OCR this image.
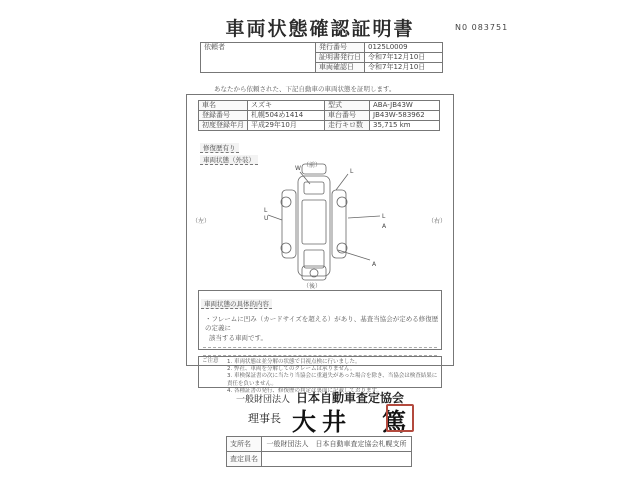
車両状態確認証明書	N0 083751
依頼者	発行番号	0125L0009
	証明書発行日	令和7年12月10日
	車両確認日	令和7年12月10日
あなたから依頼された、下記自動車の車両状態を証明します。
車名	スズキ	型式	ABA-JB43W
登録番号	札幌504め1414	車台番号	JB43W-583962
初度登録年月	平成29年10月	走行キロ数	35,715 km
修復歴有り
車両状態（外装）
（前）
（後）
（左）	（右）
W	L
L
U	L
A
A
車両状態の具体的内容
・フレームに凹み（カードサイズを超える）があり、基査当協会が定める修復歴の定義に
該当する車両です。
ご注意 1. 車両状態は並分解の状態で目視点検に行いました。
2. 弊社、車両を分解してのクレームは承りません。
3. 車検保証書の次に当たり当協会に重過失があった場合を除き、当協会は検査結果に責任を負いません。
4. 各種証書の発行、修復歴の判定は裏面に記載しております。
一般財団法人 日本自動車査定協会
理事長 大井　篤
支所名	一般財団法人　日本自動車査定協会札幌支所
査定員名	
